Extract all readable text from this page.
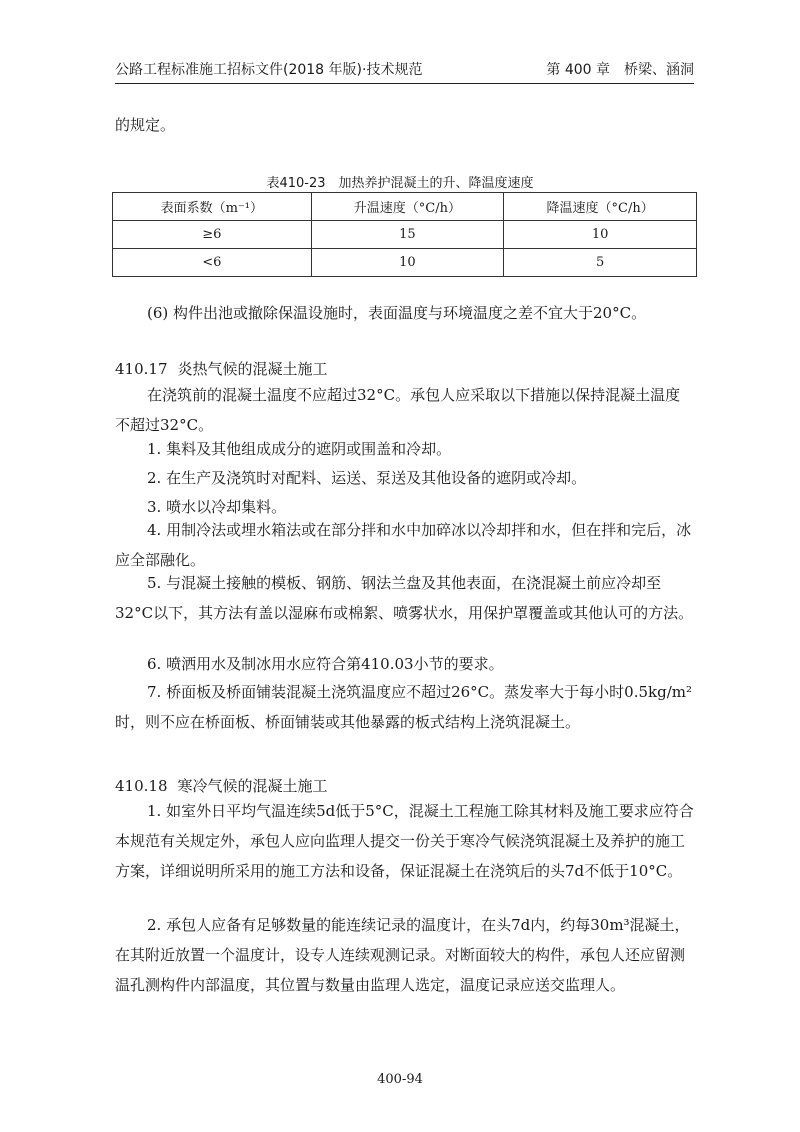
公路工程标准施工招标文件(2018 年版)·技术规范	第 400 章　桥梁、涵洞

的规定。

表410-23　加热养护混凝土的升、降温度速度
表面系数（m⁻¹）	升温速度（°C/h）	降温速度（°C/h）
≥6	15	10
<6	10	5

(6) 构件出池或撤除保温设施时，表面温度与环境温度之差不宜大于20°C。

410.17 炎热气候的混凝土施工

在浇筑前的混凝土温度不应超过32°C。承包人应采取以下措施以保持混凝土温度不超过32°C。

1. 集料及其他组成成分的遮阴或围盖和冷却。

2. 在生产及浇筑时对配料、运送、泵送及其他设备的遮阴或冷却。

3. 喷水以冷却集料。

4. 用制冷法或埋水箱法或在部分拌和水中加碎冰以冷却拌和水，但在拌和完后，冰应全部融化。

5. 与混凝土接触的模板、钢筋、钢法兰盘及其他表面，在浇混凝土前应冷却至32°C以下，其方法有盖以湿麻布或棉絮、喷雾状水，用保护罩覆盖或其他认可的方法。

6. 喷洒用水及制冰用水应符合第410.03小节的要求。

7. 桥面板及桥面铺装混凝土浇筑温度应不超过26°C。蒸发率大于每小时0.5kg/m²时，则不应在桥面板、桥面铺装或其他暴露的板式结构上浇筑混凝土。

410.18 寒冷气候的混凝土施工

1. 如室外日平均气温连续5d低于5°C，混凝土工程施工除其材料及施工要求应符合本规范有关规定外，承包人应向监理人提交一份关于寒冷气候浇筑混凝土及养护的施工方案，详细说明所采用的施工方法和设备，保证混凝土在浇筑后的头7d不低于10°C。

2. 承包人应备有足够数量的能连续记录的温度计，在头7d内，约每30m³混凝土，在其附近放置一个温度计，设专人连续观测记录。对断面较大的构件，承包人还应留测温孔测构件内部温度，其位置与数量由监理人选定，温度记录应送交监理人。

400-94
